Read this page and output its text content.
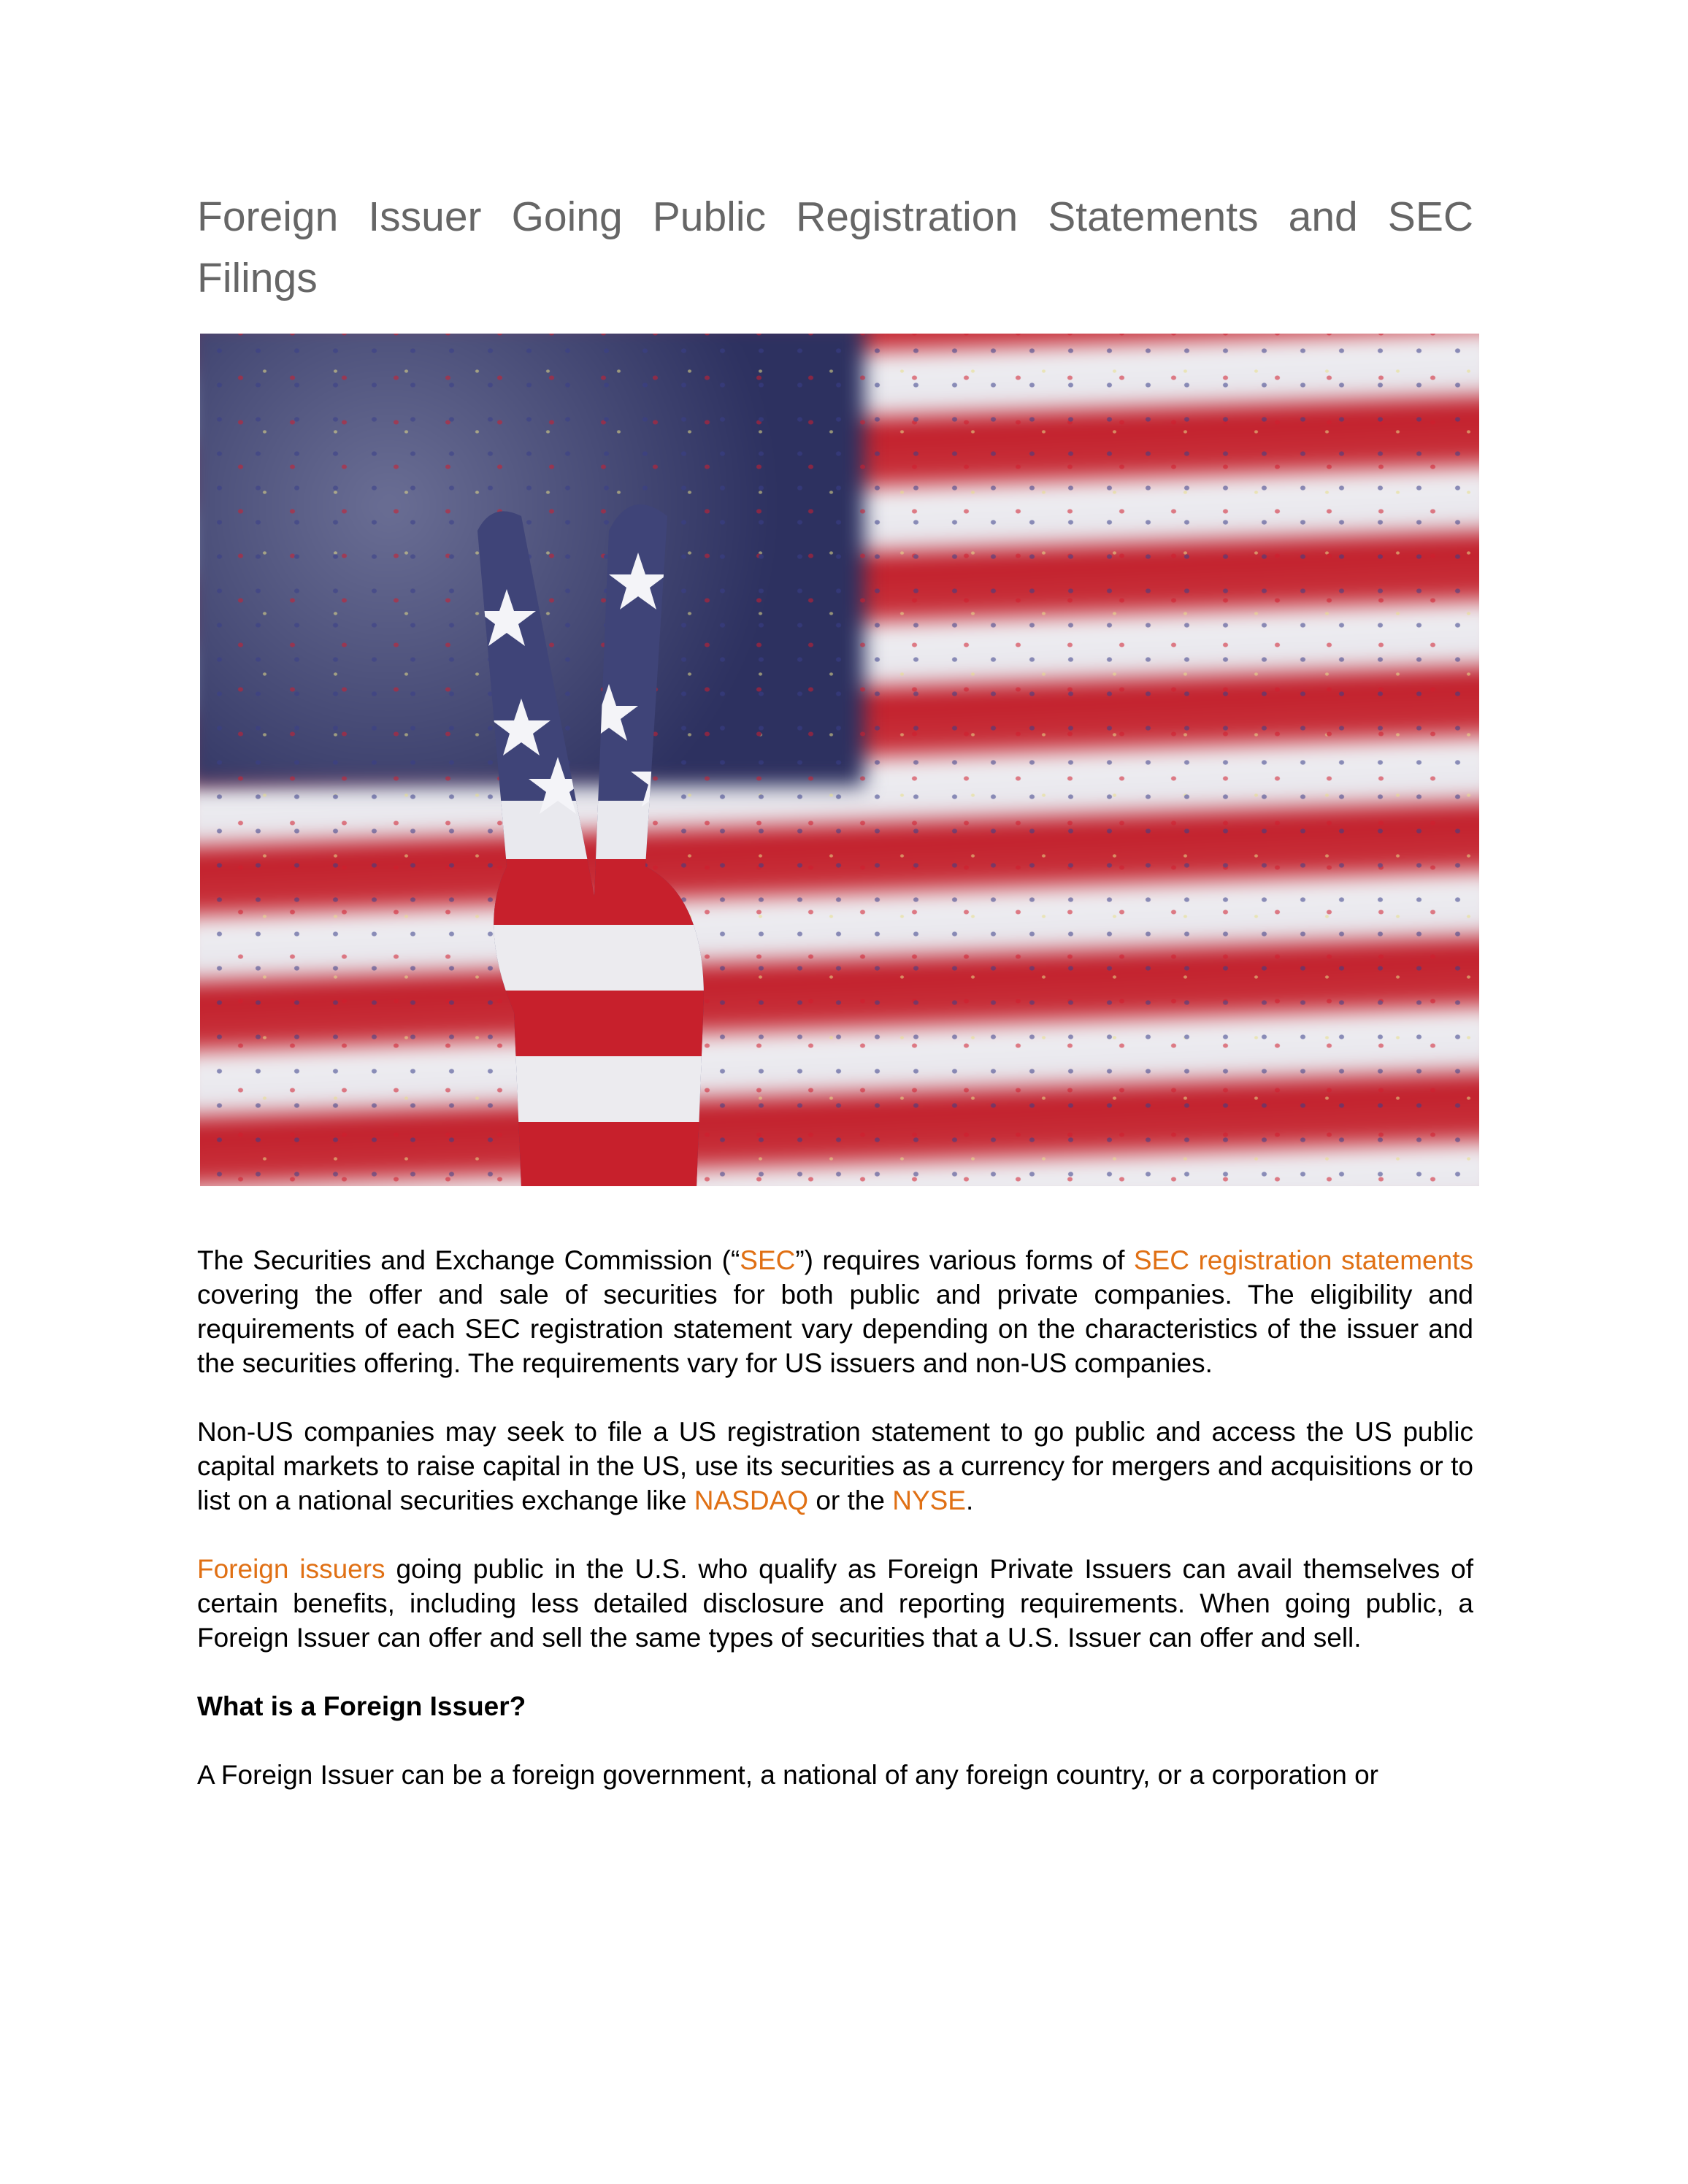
Foreign Issuer Going Public Registration Statements and SEC Filings

The Securities and Exchange Commission (“SEC”) requires various forms of SEC registration statements covering the offer and sale of securities for both public and private companies. The eligibility and requirements of each SEC registration statement vary depending on the characteristics of the issuer and the securities offering. The requirements vary for US issuers and non-US companies.

Non-US companies may seek to file a US registration statement to go public and access the US public capital markets to raise capital in the US, use its securities as a currency for mergers and acquisitions or to list on a national securities exchange like NASDAQ or the NYSE.

Foreign issuers going public in the U.S. who qualify as Foreign Private Issuers can avail themselves of certain benefits, including less detailed disclosure and reporting requirements. When going public, a Foreign Issuer can offer and sell the same types of securities that a U.S. Issuer can offer and sell.

What is a Foreign Issuer?

A Foreign Issuer can be a foreign government, a national of any foreign country, or a corporation or
